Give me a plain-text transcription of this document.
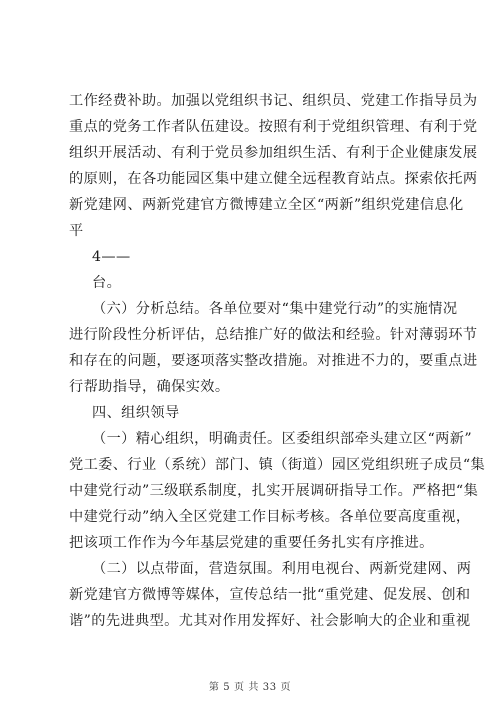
工作经费补助。加强以党组织书记、组织员、党建工作指导员为
重点的党务工作者队伍建设。按照有利于党组织管理、有利于党
组织开展活动、有利于党员参加组织生活、有利于企业健康发展
的原则，在各功能园区集中建立健全远程教育站点。探索依托两
新党建网、两新党建官方微博建立全区“两新”组织党建信息化
平
4——
台。
（六）分析总结。各单位要对“集中建党行动”的实施情况
进行阶段性分析评估，总结推广好的做法和经验。针对薄弱环节
和存在的问题，要逐项落实整改措施。对推进不力的，要重点进
行帮助指导，确保实效。
四、组织领导
（一）精心组织，明确责任。区委组织部牵头建立区“两新”
党工委、行业（系统）部门、镇（街道）园区党组织班子成员“集
中建党行动”三级联系制度，扎实开展调研指导工作。严格把“集
中建党行动”纳入全区党建工作目标考核。各单位要高度重视，
把该项工作作为今年基层党建的重要任务扎实有序推进。
（二）以点带面，营造氛围。利用电视台、两新党建网、两
新党建官方微博等媒体，宣传总结一批“重党建、促发展、创和
谐”的先进典型。尤其对作用发挥好、社会影响大的企业和重视
第 5 页 共 33 页
